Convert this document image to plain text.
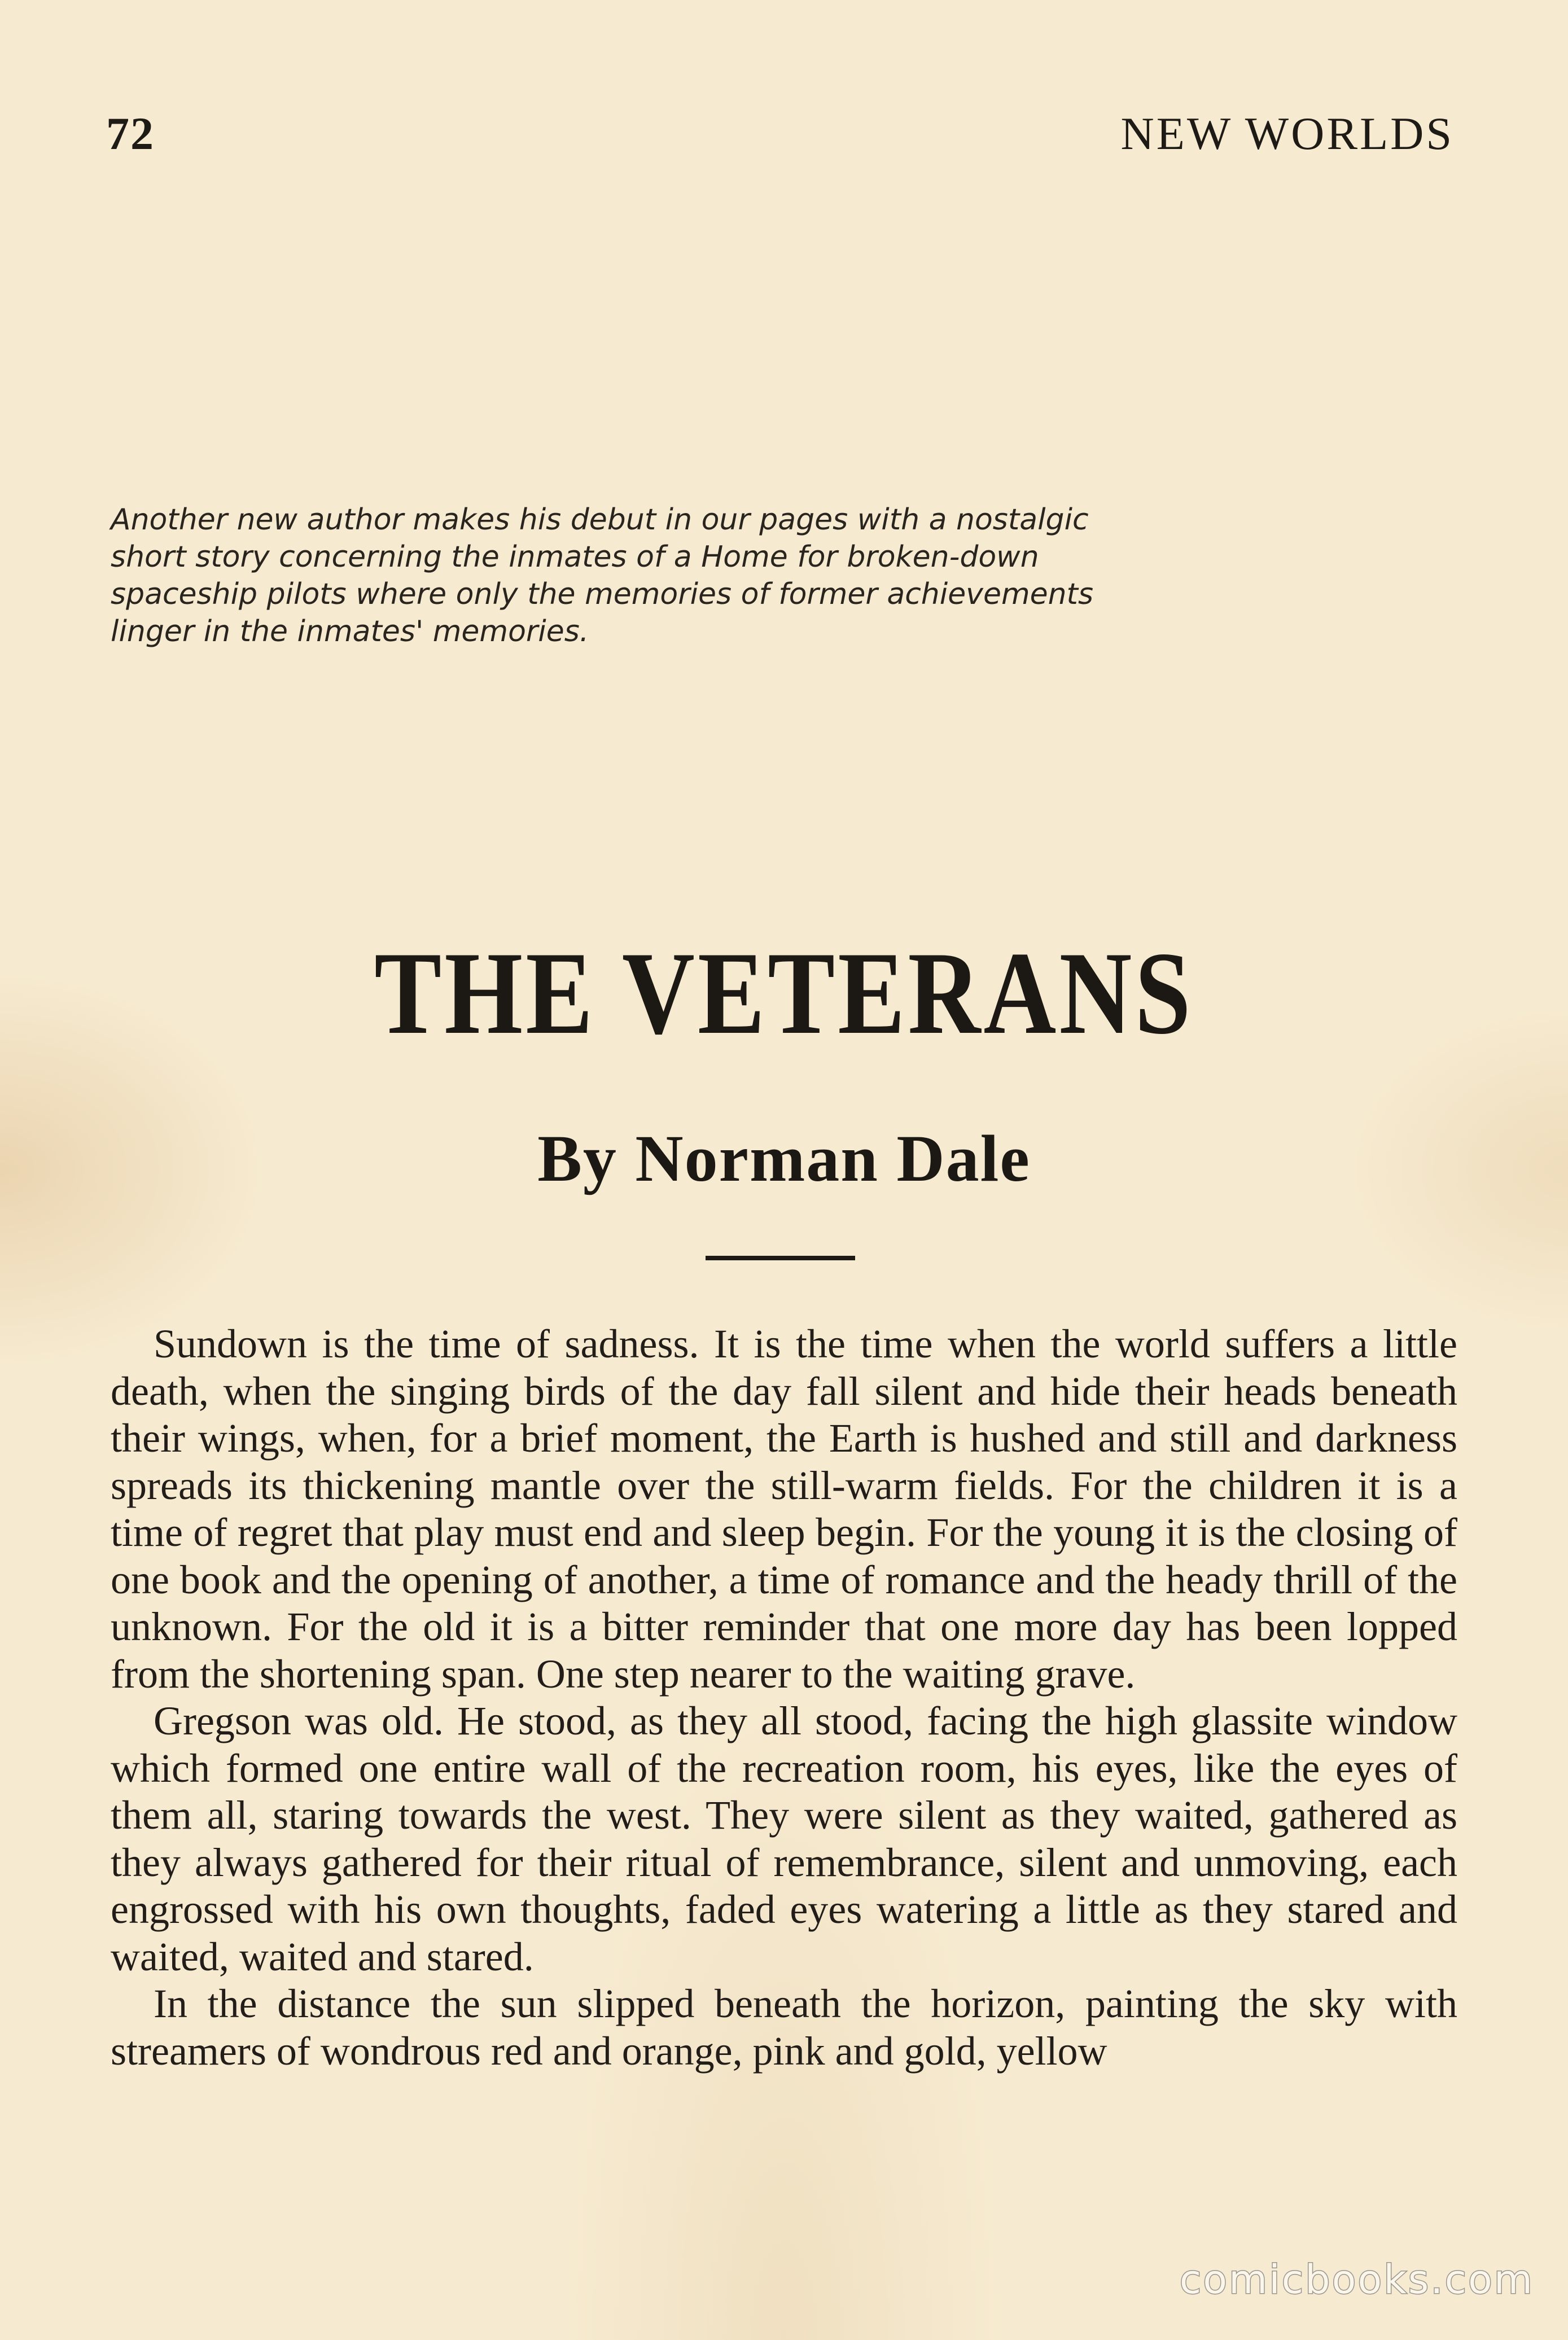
72	NEW WORLDS
Another new author makes his debut in our pages with a nostalgic short story concerning the inmates of a Home for broken-down spaceship pilots where only the memories of former achievements linger in the inmates' memories.
THE VETERANS
By Norman Dale

Sundown is the time of sadness. It is the time when the world suffers a little death, when the singing birds of the day fall silent and hide their heads beneath their wings, when, for a brief moment, the Earth is hushed and still and darkness spreads its thickening mantle over the still-warm fields. For the children it is a time of regret that play must end and sleep begin. For the young it is the closing of one book and the opening of another, a time of romance and the heady thrill of the unknown. For the old it is a bitter reminder that one more day has been lopped from the shortening span. One step nearer to the waiting grave.

Gregson was old. He stood, as they all stood, facing the high glassite window which formed one entire wall of the recreation room, his eyes, like the eyes of them all, staring towards the west. They were silent as they waited, gathered as they always gathered for their ritual of remembrance, silent and unmoving, each engrossed with his own thoughts, faded eyes watering a little as they stared and waited, waited and stared.

In the distance the sun slipped beneath the horizon, painting the sky with streamers of wondrous red and orange, pink and gold, yellow

comicbooks.com
